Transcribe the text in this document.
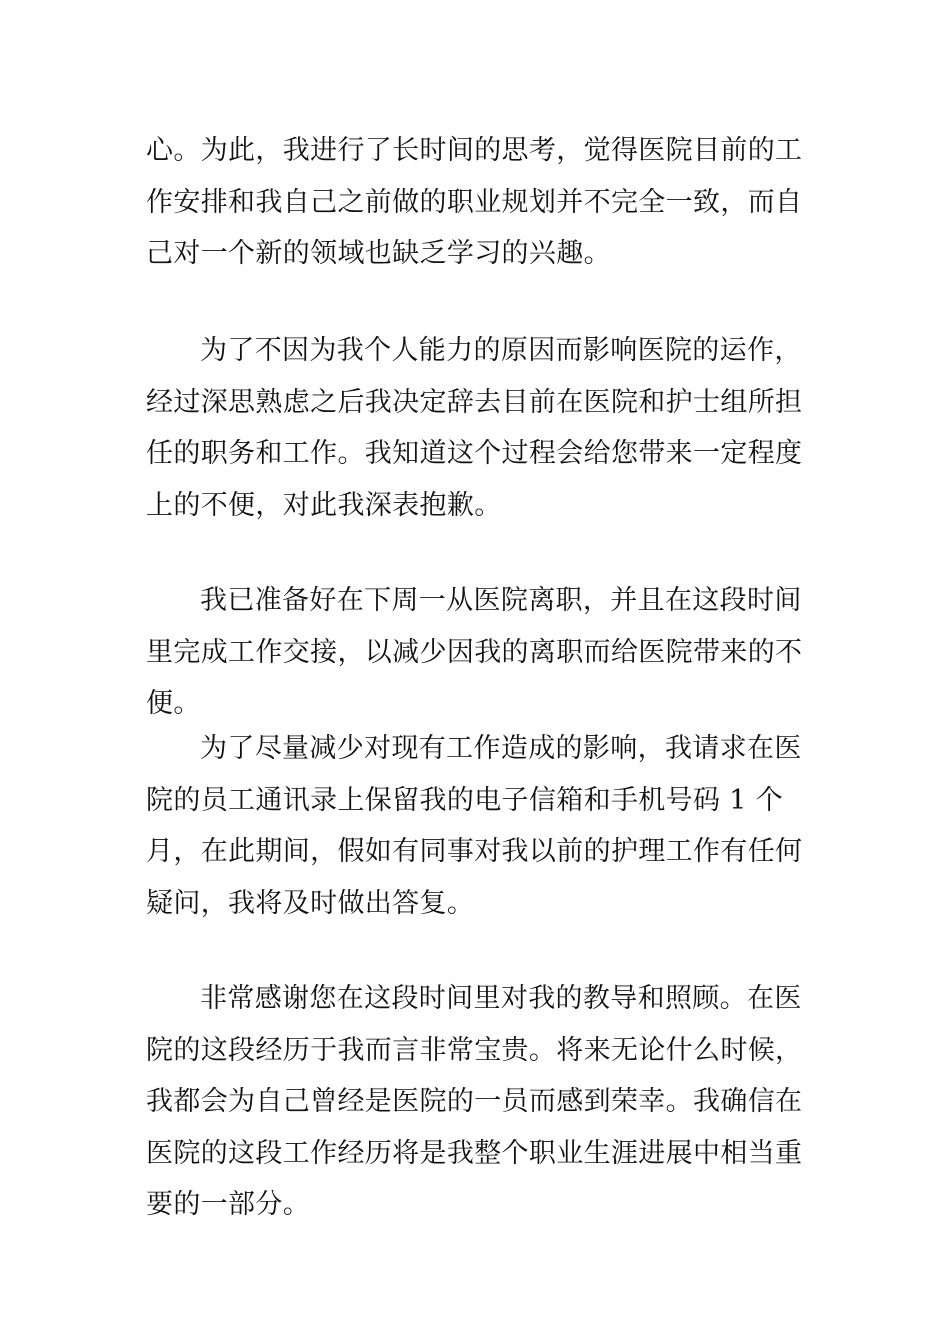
心。为此，我进行了长时间的思考，觉得医院目前的工作安排和我自己之前做的职业规划并不完全一致，而自己对一个新的领域也缺乏学习的兴趣。

为了不因为我个人能力的原因而影响医院的运作，经过深思熟虑之后我决定辞去目前在医院和护士组所担任的职务和工作。我知道这个过程会给您带来一定程度上的不便，对此我深表抱歉。

我已准备好在下周一从医院离职，并且在这段时间里完成工作交接，以减少因我的离职而给医院带来的不便。

为了尽量减少对现有工作造成的影响，我请求在医院的员工通讯录上保留我的电子信箱和手机号码 1 个月，在此期间，假如有同事对我以前的护理工作有任何疑问，我将及时做出答复。

非常感谢您在这段时间里对我的教导和照顾。在医院的这段经历于我而言非常宝贵。将来无论什么时候，我都会为自己曾经是医院的一员而感到荣幸。我确信在医院的这段工作经历将是我整个职业生涯进展中相当重要的一部分。
